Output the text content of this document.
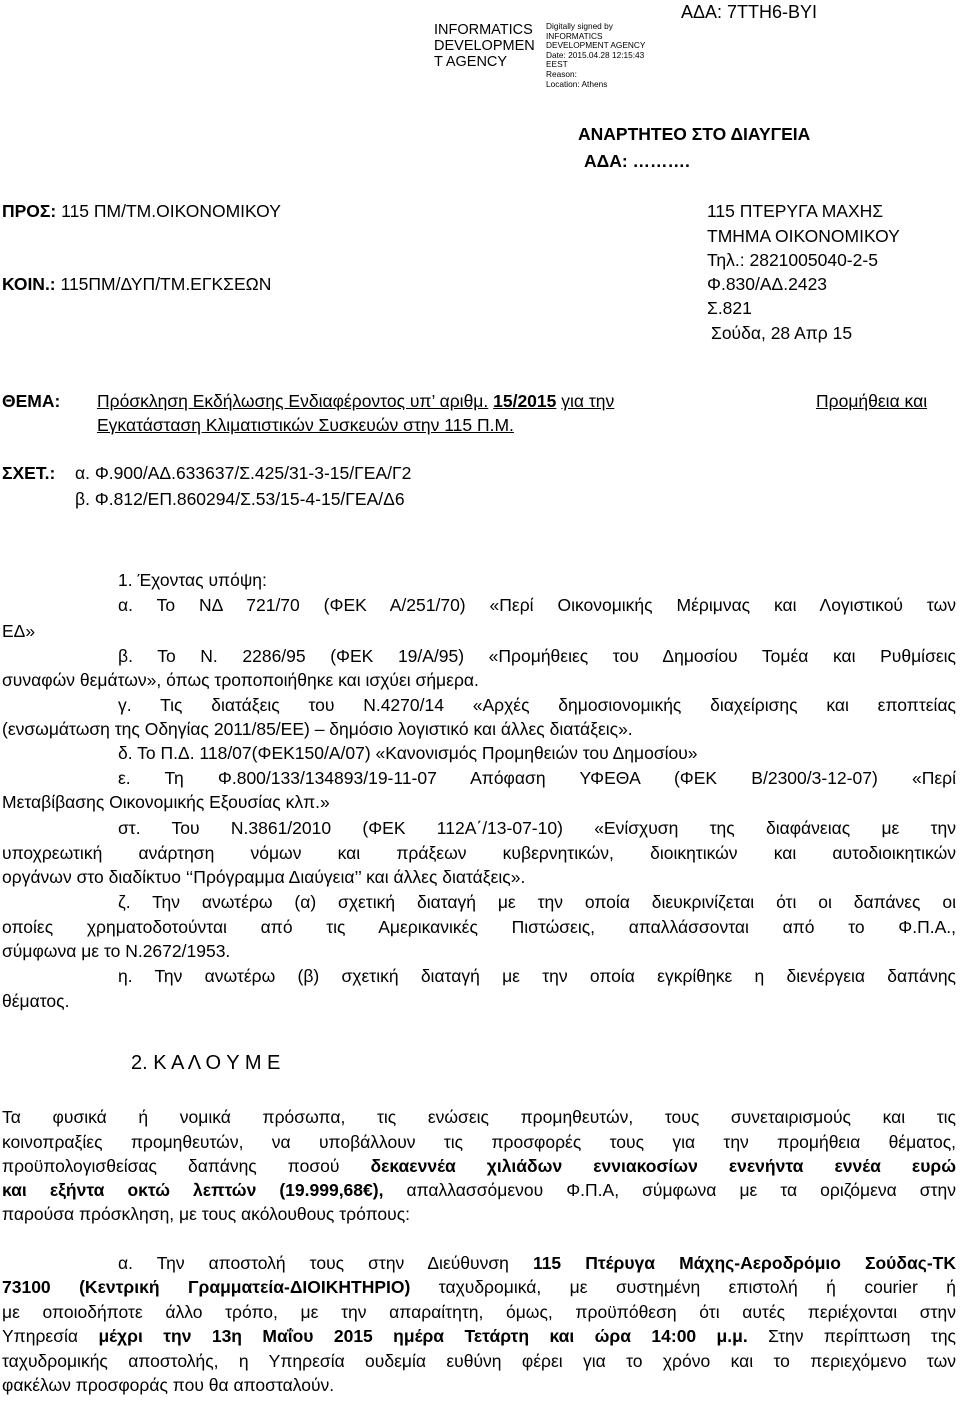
INFORMATICS DEVELOPMEN T AGENCY
Digitally signed by
INFORMATICS
DEVELOPMENT AGENCY
Date: 2015.04.28 12:15:43
EEST
Reason:
Location: Athens
ΑΔΑ: 7ΤΤΗ6-ΒΥΙ
ΑΝΑΡΤΗΤΕΟ ΣΤΟ ΔΙΑΥΓΕΙΑ
ΑΔΑ: ……….
ΠΡΟΣ: 115 ΠΜ/ΤΜ.ΟΙΚΟΝΟΜΙΚΟΥ
ΚΟΙΝ.: 115ΠΜ/ΔΥΠ/ΤΜ.ΕΓΚΣΕΩΝ
115 ΠΤΕΡΥΓΑ ΜΑΧΗΣ
ΤΜΗΜΑ ΟΙΚΟΝΟΜΙΚΟΥ
Τηλ.: 2821005040-2-5
Φ.830/ΑΔ.2423
Σ.821
Σούδα, 28 Απρ 15
ΘΕΜΑ: Πρόσκληση Εκδήλωσης Ενδιαφέροντος υπ’ αριθμ. 15/2015 για την	Προμήθεια και
Εγκατάσταση Κλιματιστικών Συσκευών στην 115 Π.Μ.
ΣΧΕΤ.: α. Φ.900/ΑΔ.633637/Σ.425/31-3-15/ΓΕΑ/Γ2
β. Φ.812/ΕΠ.860294/Σ.53/15-4-15/ΓΕΑ/Δ6
1. Έχοντας υπόψη:
α. Το ΝΔ 721/70 (ΦΕΚ Α/251/70) «Περί Οικονομικής Μέριμνας και Λογιστικού των
ΕΔ»
β. Το Ν. 2286/95 (ΦΕΚ 19/Α/95) «Προμήθειες του Δημοσίου Τομέα και Ρυθμίσεις
συναφών θεμάτων», όπως τροποποιήθηκε και ισχύει σήμερα.
γ. Τις διατάξεις του Ν.4270/14 «Αρχές δημοσιονομικής διαχείρισης και εποπτείας
(ενσωμάτωση της Οδηγίας 2011/85/ΕΕ) – δημόσιο λογιστικό και άλλες διατάξεις».
δ. Το Π.Δ. 118/07(ΦΕΚ150/Α/07) «Κανονισμός Προμηθειών του Δημοσίου»
ε. Τη Φ.800/133/134893/19-11-07 Απόφαση ΥΦΕΘΑ (ΦΕΚ Β/2300/3-12-07) «Περί
Μεταβίβασης Οικονομικής Εξουσίας κλπ.»
στ. Του Ν.3861/2010 (ΦΕΚ 112Α΄/13-07-10) «Ενίσχυση της διαφάνειας με την
υποχρεωτική ανάρτηση νόμων και πράξεων κυβερνητικών, διοικητικών και αυτοδιοικητικών
οργάνων στο διαδίκτυο ‘‘Πρόγραμμα Διαύγεια’’ και άλλες διατάξεις».
ζ. Την ανωτέρω (α) σχετική διαταγή με την οποία διευκρινίζεται ότι οι δαπάνες οι
οποίες χρηματοδοτούνται από τις Αμερικανικές Πιστώσεις, απαλλάσσονται από το Φ.Π.Α.,
σύμφωνα με το Ν.2672/1953.
η. Την ανωτέρω (β) σχετική διαταγή με την οποία εγκρίθηκε η διενέργεια δαπάνης
θέματος.
2. Κ Α Λ Ο Υ Μ Ε
Τα φυσικά ή νομικά πρόσωπα, τις ενώσεις προμηθευτών, τους συνεταιρισμούς και τις
κοινοπραξίες προμηθευτών, να υποβάλλουν τις προσφορές τους για την προμήθεια θέματος,
προϋπολογισθείσας δαπάνης ποσού δεκαεννέα χιλιάδων εννιακοσίων ενενήντα εννέα ευρώ
και εξήντα οκτώ λεπτών (19.999,68€), απαλλασσόμενου Φ.Π.Α, σύμφωνα με τα οριζόμενα στην
παρούσα πρόσκληση, με τους ακόλουθους τρόπους:
α. Την αποστολή τους στην Διεύθυνση 115 Πτέρυγα Μάχης-Αεροδρόμιο Σούδας-ΤΚ
73100 (Κεντρική Γραμματεία-ΔΙΟΙΚΗΤΗΡΙΟ) ταχυδρομικά, με συστημένη επιστολή ή courier ή
με οποιοδήποτε άλλο τρόπο, με την απαραίτητη, όμως, προϋπόθεση ότι αυτές περιέχονται στην
Υπηρεσία μέχρι την 13η Μαΐου 2015 ημέρα Τετάρτη και ώρα 14:00 μ.μ. Στην περίπτωση της
ταχυδρομικής αποστολής, η Υπηρεσία ουδεμία ευθύνη φέρει για το χρόνο και το περιεχόμενο των
φακέλων προσφοράς που θα αποσταλούν.
